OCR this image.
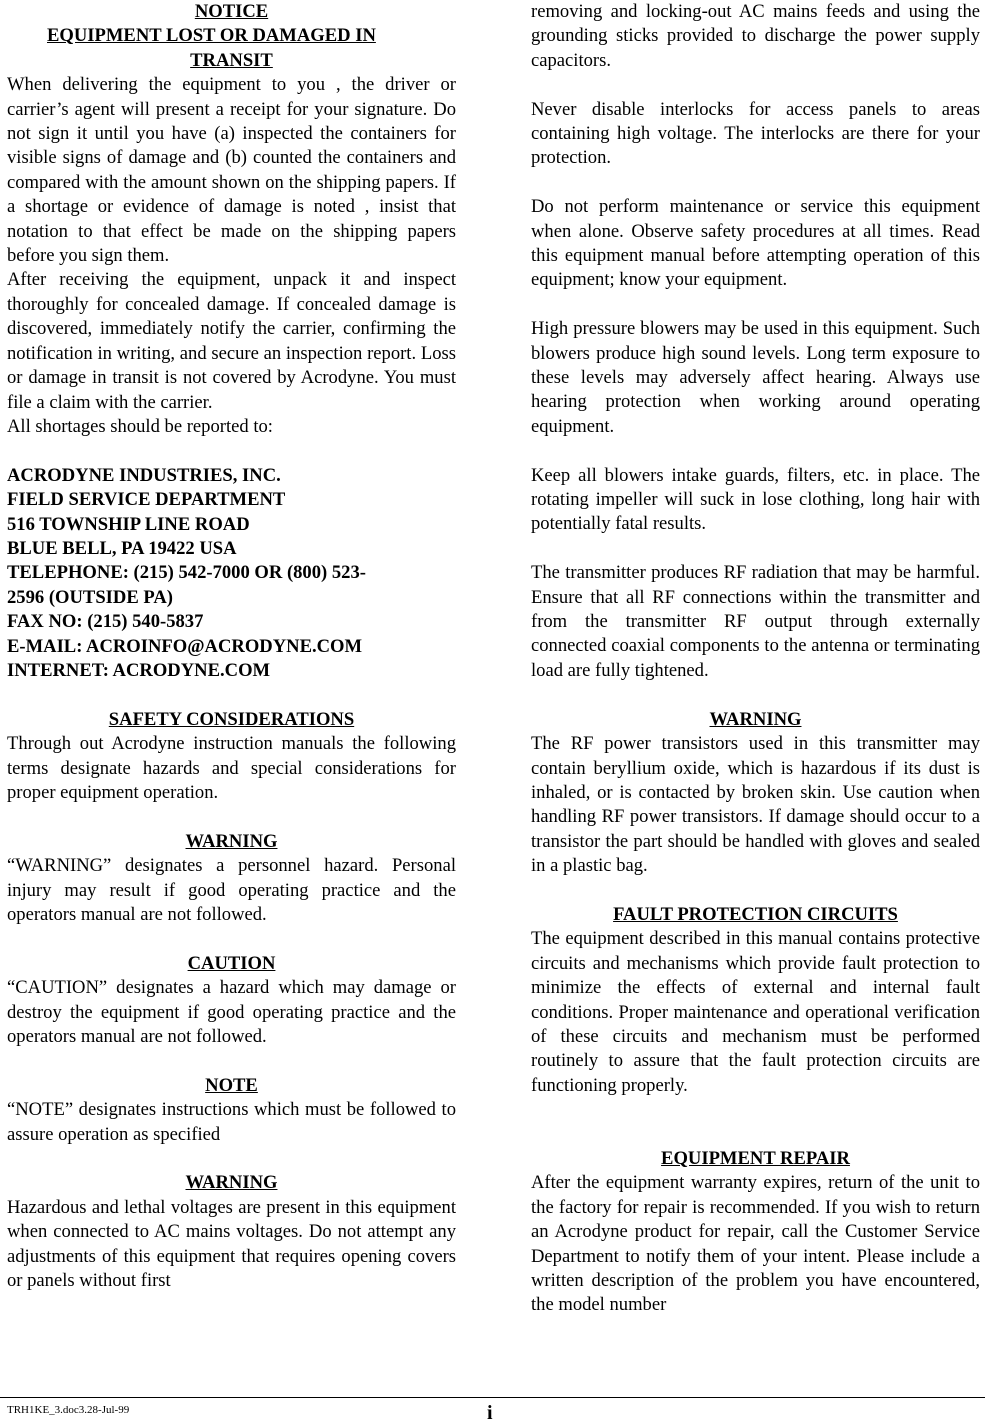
NOTICE

EQUIPMENT LOST OR DAMAGED IN

TRANSIT

When delivering the equipment to you , the driver or carrier’s agent will present a receipt for your signature. Do not sign it until you have (a) inspected the containers for visible signs of damage and (b) counted the containers and compared with the amount shown on the shipping papers. If a shortage or evidence of damage is noted , insist that notation to that effect be made on the shipping papers before you sign them.

After receiving the equipment, unpack it and inspect thoroughly for concealed damage. If concealed damage is discovered, immediately notify the carrier, confirming the notification in writing, and secure an inspection report. Loss or damage in transit is not covered by Acrodyne. You must file a claim with the carrier.

All shortages should be reported to:

ACRODYNE INDUSTRIES, INC.

FIELD SERVICE DEPARTMENT

516 TOWNSHIP LINE ROAD

BLUE BELL, PA 19422 USA

TELEPHONE: (215) 542-7000 OR (800) 523-

2596 (OUTSIDE PA)

FAX NO: (215) 540-5837

E-MAIL: ACROINFO@ACRODYNE.COM

INTERNET: ACRODYNE.COM

SAFETY CONSIDERATIONS

Through out Acrodyne instruction manuals the following terms designate hazards and special considerations for proper equipment operation.

WARNING

“WARNING” designates a personnel hazard. Personal injury may result if good operating practice and the operators manual are not followed.

CAUTION

“CAUTION” designates a hazard which may damage or destroy the equipment if good operating practice and the operators manual are not followed.

NOTE

“NOTE” designates instructions which must be followed to assure operation as specified

WARNING

Hazardous and lethal voltages are present in this equipment when connected to AC mains voltages. Do not attempt any adjustments of this equipment that requires opening covers or panels without first

removing and locking-out AC mains feeds and using the grounding sticks provided to discharge the power supply capacitors.

Never disable interlocks for access panels to areas containing high voltage. The interlocks are there for your protection.

Do not perform maintenance or service this equipment when alone. Observe safety procedures at all times. Read this equipment manual before attempting operation of this equipment; know your equipment.

High pressure blowers may be used in this equipment. Such blowers produce high sound levels. Long term exposure to these levels may adversely affect hearing. Always use hearing protection when working around operating equipment.

Keep all blowers intake guards, filters, etc. in place. The rotating impeller will suck in lose clothing, long hair with potentially fatal results.

The transmitter produces RF radiation that may be harmful. Ensure that all RF connections within the transmitter and from the transmitter RF output through externally connected coaxial components to the antenna or terminating load are fully tightened.

WARNING

The RF power transistors used in this transmitter may contain beryllium oxide, which is hazardous if its dust is inhaled, or is contacted by broken skin. Use caution when handling RF power transistors. If damage should occur to a transistor the part should be handled with gloves and sealed in a plastic bag.

FAULT PROTECTION CIRCUITS

The equipment described in this manual contains protective circuits and mechanisms which provide fault protection to minimize the effects of external and internal fault conditions. Proper maintenance and operational verification of these circuits and mechanism must be performed routinely to assure that the fault protection circuits are functioning properly.

EQUIPMENT REPAIR

After the equipment warranty expires, return of the unit to the factory for repair is recommended. If you wish to return an Acrodyne product for repair, call the Customer Service Department to notify them of your intent. Please include a written description of the problem you have encountered, the model number

TRH1KE_3.doc3.28-Jul-99	i
